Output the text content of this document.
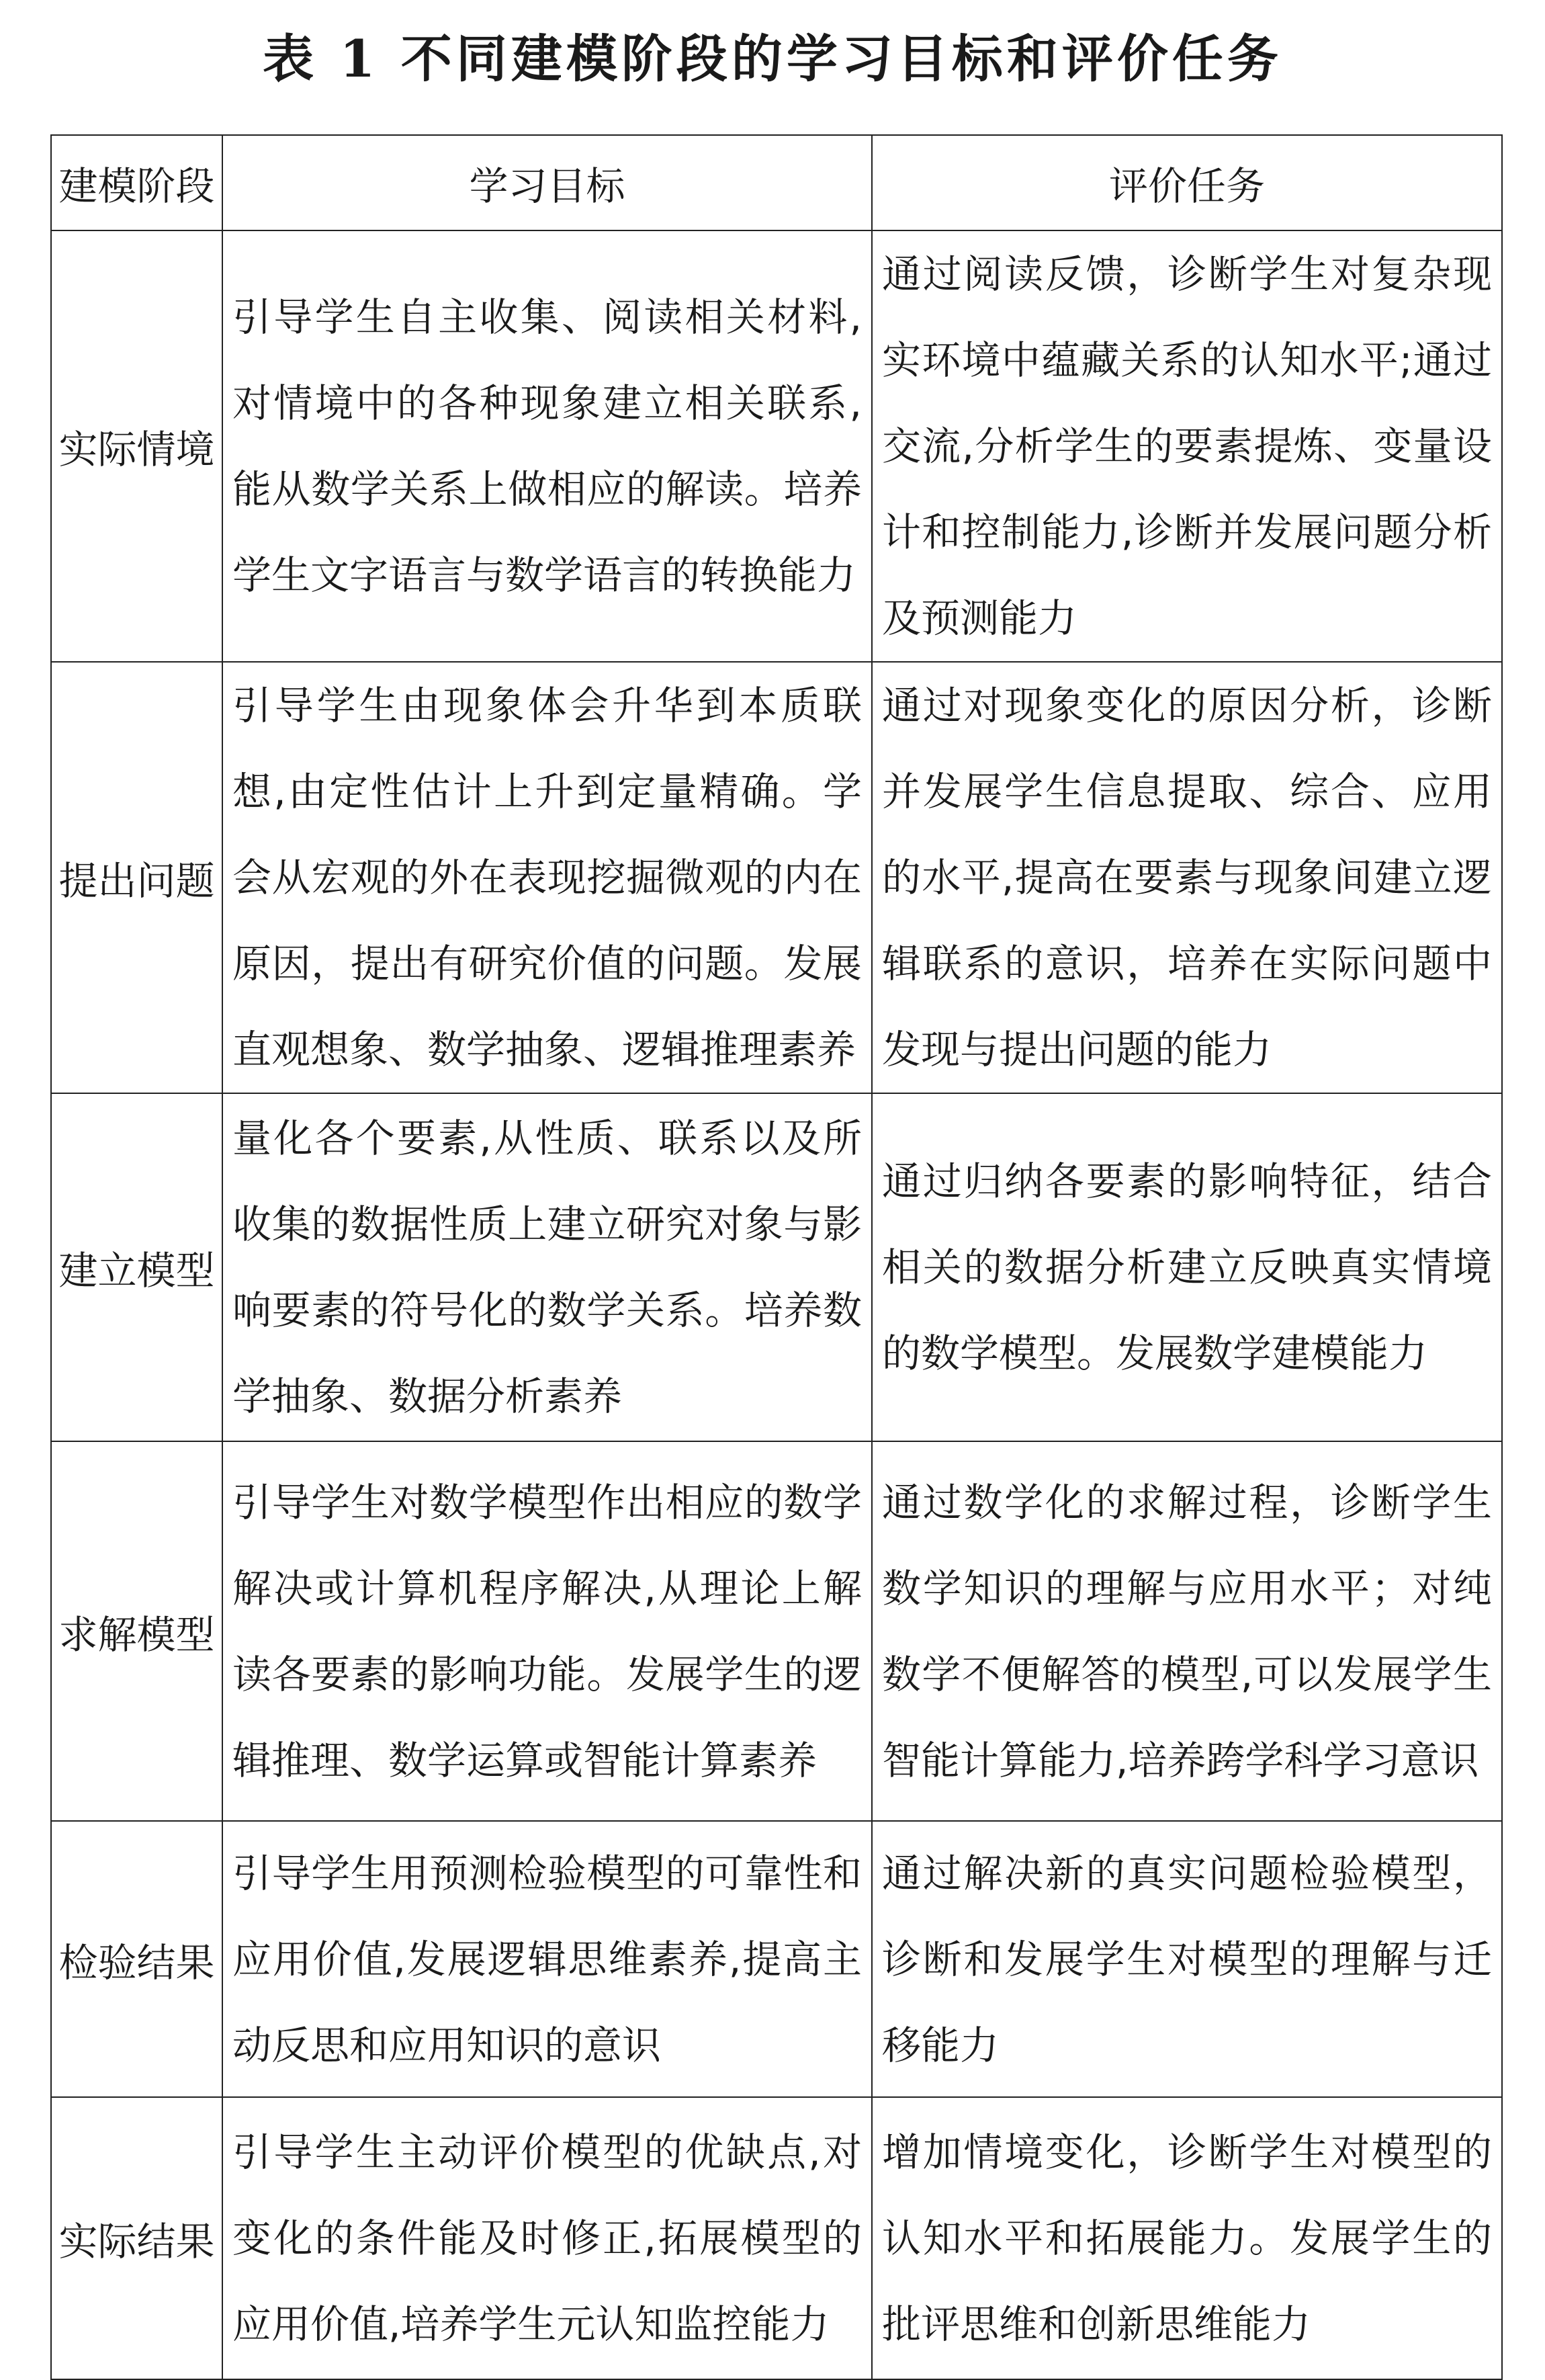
表 1 不同建模阶段的学习目标和评价任务
建模阶段	学习目标	评价任务
实际情境	引导学生自主收集、阅读相关材料,对情境中的各种现象建立相关联系,能从数学关系上做相应的解读。培养学生文字语言与数学语言的转换能力	通过阅读反馈，诊断学生对复杂现实环境中蕴藏关系的认知水平;通过交流,分析学生的要素提炼、变量设计和控制能力,诊断并发展问题分析及预测能力
提出问题	引导学生由现象体会升华到本质联想,由定性估计上升到定量精确。学会从宏观的外在表现挖掘微观的内在原因，提出有研究价值的问题。发展直观想象、数学抽象、逻辑推理素养	通过对现象变化的原因分析，诊断并发展学生信息提取、综合、应用的水平,提高在要素与现象间建立逻辑联系的意识，培养在实际问题中发现与提出问题的能力
建立模型	量化各个要素,从性质、联系以及所收集的数据性质上建立研究对象与影响要素的符号化的数学关系。培养数学抽象、数据分析素养	通过归纳各要素的影响特征，结合相关的数据分析建立反映真实情境的数学模型。发展数学建模能力
求解模型	引导学生对数学模型作出相应的数学解决或计算机程序解决,从理论上解读各要素的影响功能。发展学生的逻辑推理、数学运算或智能计算素养	通过数学化的求解过程，诊断学生数学知识的理解与应用水平；对纯数学不便解答的模型,可以发展学生智能计算能力,培养跨学科学习意识
检验结果	引导学生用预测检验模型的可靠性和应用价值,发展逻辑思维素养,提高主动反思和应用知识的意识	通过解决新的真实问题检验模型，诊断和发展学生对模型的理解与迁移能力
实际结果	引导学生主动评价模型的优缺点,对变化的条件能及时修正,拓展模型的应用价值,培养学生元认知监控能力	增加情境变化，诊断学生对模型的认知水平和拓展能力。发展学生的批评思维和创新思维能力
